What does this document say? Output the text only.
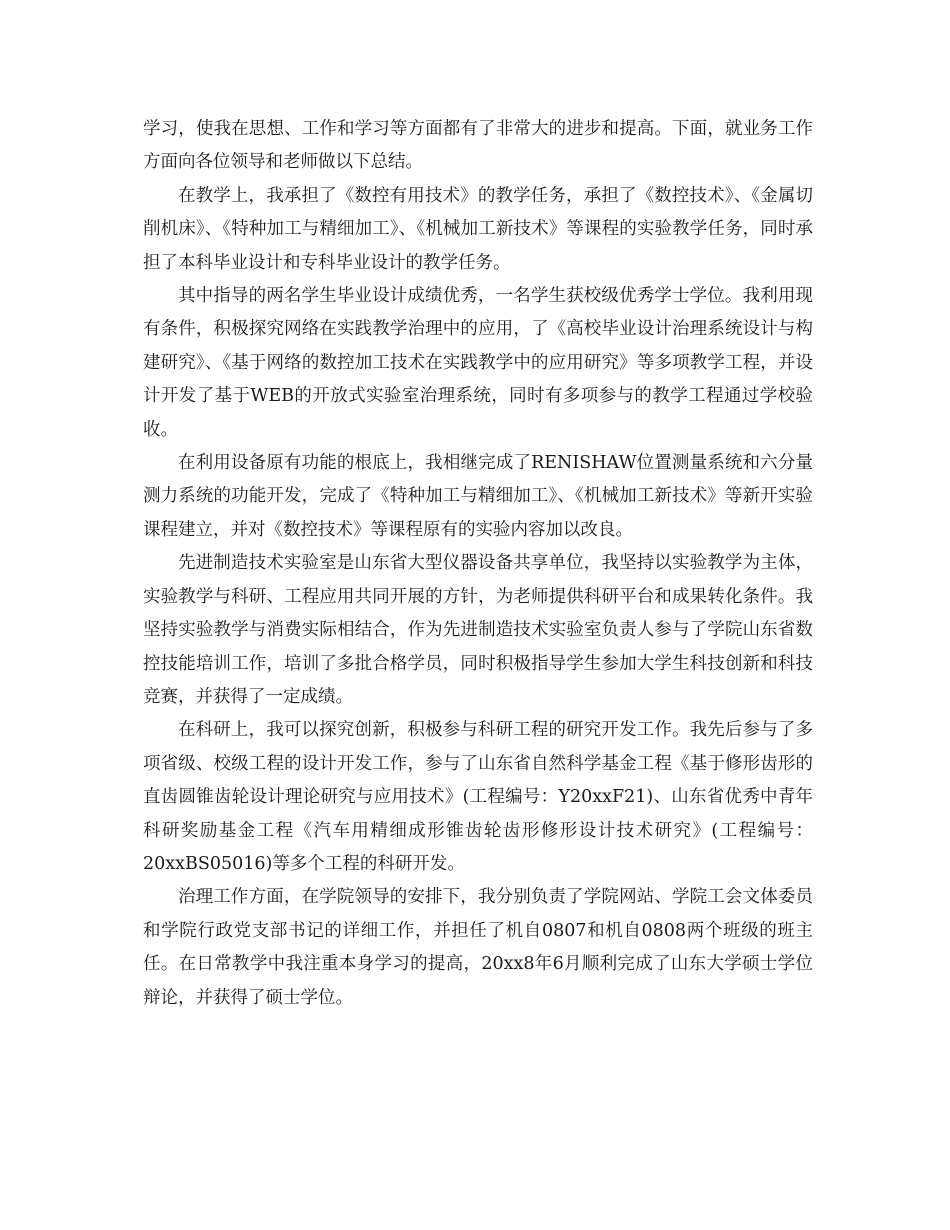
学习，使我在思想、工作和学习等方面都有了非常大的进步和提高。下面，就业务工作方面向各位领导和老师做以下总结。

在教学上，我承担了《数控有用技术》的教学任务，承担了《数控技术》、《金属切削机床》、《特种加工与精细加工》、《机械加工新技术》等课程的实验教学任务，同时承担了本科毕业设计和专科毕业设计的教学任务。

其中指导的两名学生毕业设计成绩优秀，一名学生获校级优秀学士学位。我利用现有条件，积极探究网络在实践教学治理中的应用，了《高校毕业设计治理系统设计与构建研究》、《基于网络的数控加工技术在实践教学中的应用研究》等多项教学工程，并设计开发了基于WEB的开放式实验室治理系统，同时有多项参与的教学工程通过学校验收。

在利用设备原有功能的根底上，我相继完成了RENISHAW位置测量系统和六分量测力系统的功能开发，完成了《特种加工与精细加工》、《机械加工新技术》等新开实验课程建立，并对《数控技术》等课程原有的实验内容加以改良。

先进制造技术实验室是山东省大型仪器设备共享单位，我坚持以实验教学为主体，实验教学与科研、工程应用共同开展的方针，为老师提供科研平台和成果转化条件。我坚持实验教学与消费实际相结合，作为先进制造技术实验室负责人参与了学院山东省数控技能培训工作，培训了多批合格学员，同时积极指导学生参加大学生科技创新和科技竞赛，并获得了一定成绩。

在科研上，我可以探究创新，积极参与科研工程的研究开发工作。我先后参与了多项省级、校级工程的设计开发工作，参与了山东省自然科学基金工程《基于修形齿形的直齿圆锥齿轮设计理论研究与应用技术》(工程编号：Y20xxF21)、山东省优秀中青年科研奖励基金工程《汽车用精细成形锥齿轮齿形修形设计技术研究》(工程编号：20xxBS05016)等多个工程的科研开发。

治理工作方面，在学院领导的安排下，我分别负责了学院网站、学院工会文体委员和学院行政党支部书记的详细工作，并担任了机自0807和机自0808两个班级的班主任。在日常教学中我注重本身学习的提高，20xx8年6月顺利完成了山东大学硕士学位辩论，并获得了硕士学位。
